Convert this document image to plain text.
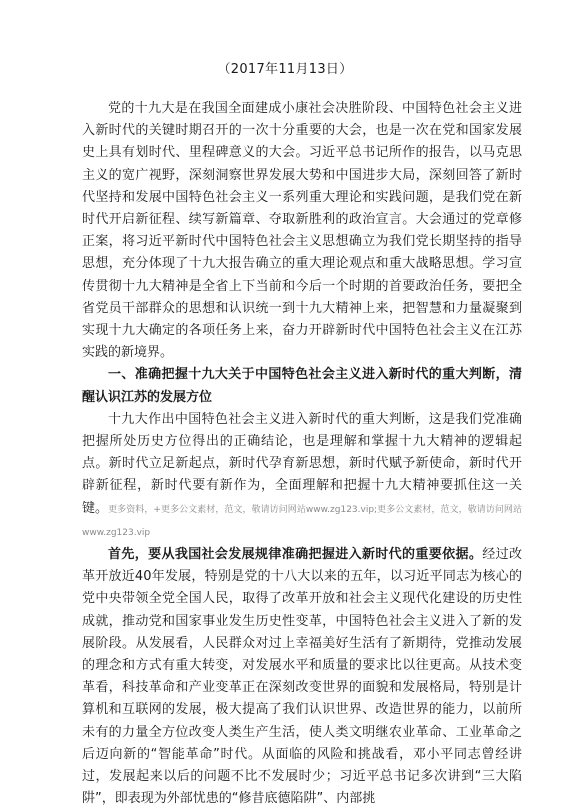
（2017年11月13日）

党的十九大是在我国全面建成小康社会决胜阶段、中国特色社会主义进入新时代的关键时期召开的一次十分重要的大会，也是一次在党和国家发展史上具有划时代、里程碑意义的大会。习近平总书记所作的报告，以马克思主义的宽广视野，深刻洞察世界发展大势和中国进步大局，深刻回答了新时代坚持和发展中国特色社会主义一系列重大理论和实践问题，是我们党在新时代开启新征程、续写新篇章、夺取新胜利的政治宣言。大会通过的党章修正案，将习近平新时代中国特色社会主义思想确立为我们党长期坚持的指导思想，充分体现了十九大报告确立的重大理论观点和重大战略思想。学习宣传贯彻十九大精神是全省上下当前和今后一个时期的首要政治任务，要把全省党员干部群众的思想和认识统一到十九大精神上来，把智慧和力量凝聚到实现十九大确定的各项任务上来，奋力开辟新时代中国特色社会主义在江苏实践的新境界。

一、准确把握十九大关于中国特色社会主义进入新时代的重大判断，清醒认识江苏的发展方位

十九大作出中国特色社会主义进入新时代的重大判断，这是我们党准确把握所处历史方位得出的正确结论，也是理解和掌握十九大精神的逻辑起点。新时代立足新起点，新时代孕育新思想，新时代赋予新使命，新时代开辟新征程，新时代要有新作为，全面理解和把握十九大精神要抓住这一关键。更多资料，+更多公文素材，范文，敬请访问网站www.zg123.vip;更多公文素材，范文，敬请访问网站www.zg123.vip

首先，要从我国社会发展规律准确把握进入新时代的重要依据。经过改革开放近40年发展，特别是党的十八大以来的五年，以习近平同志为核心的党中央带领全党全国人民，取得了改革开放和社会主义现代化建设的历史性成就，推动党和国家事业发生历史性变革，中国特色社会主义进入了新的发展阶段。从发展看，人民群众对过上幸福美好生活有了新期待，党推动发展的理念和方式有重大转变，对发展水平和质量的要求比以往更高。从技术变革看，科技革命和产业变革正在深刻改变世界的面貌和发展格局，特别是计算机和互联网的发展，极大提高了我们认识世界、改造世界的能力，以前所未有的力量全方位改变人类生产生活，使人类文明继农业革命、工业革命之后迈向新的“智能革命”时代。从面临的风险和挑战看，邓小平同志曾经讲过，发展起来以后的问题不比不发展时少；习近平总书记多次讲到“三大陷阱”，即表现为外部忧患的“修昔底德陷阱”、内部挑
